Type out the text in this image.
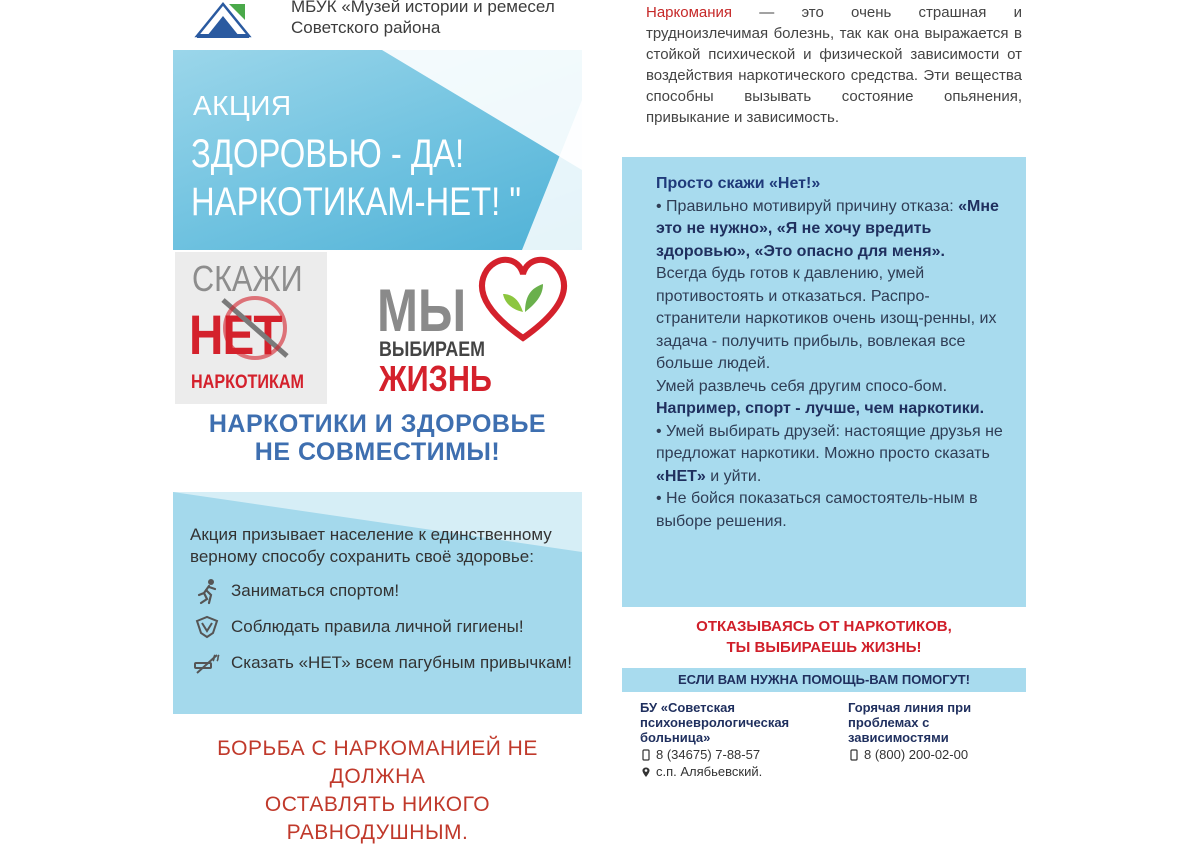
МБУК «Музей истории и ремесел
Советского района
АКЦИЯ
ЗДОРОВЬЮ - ДА!
НАРКОТИКАМ-НЕТ! "
СКАЖИ
НЕТ
НАРКОТИКАМ
МЫ
ВЫБИРАЕМ
ЖИЗНЬ
НАРКОТИКИ И ЗДОРОВЬЕ
НЕ СОВМЕСТИМЫ!
Акция призывает население к единственному
верному способу сохранить своё здоровье:
Заниматься спортом!
Соблюдать правила личной гигиены!
Сказать «НЕТ» всем пагубным привычкам!
БОРЬБА С НАРКОМАНИЕЙ НЕ ДОЛЖНА
ОСТАВЛЯТЬ НИКОГО РАВНОДУШНЫМ.
Наркомания — это очень страшная и трудноизлечимая болезнь, так как она выражается в стойкой психической и физической зависимости от воздействия наркотического средства. Эти вещества способны вызывать состояние опьянения, привыкание и зависимость.
Просто скажи «Нет!»
• Правильно мотивируй причину отказа: «Мне это не нужно», «Я не хочу вредить здоровью», «Это опасно для меня».
Всегда будь готов к давлению, умей противостоять и отказаться. Распро-странители наркотиков очень изощ-ренны, их задача - получить прибыль, вовлекая все больше людей.
Умей развлечь себя другим спосо-бом. Например, спорт - лучше, чем наркотики.
• Умей выбирать друзей: настоящие друзья не предложат наркотики. Можно просто сказать «НЕТ» и уйти.
• Не бойся показаться самостоятель-ным в выборе решения.
ОТКАЗЫВАЯСЬ ОТ НАРКОТИКОВ,
ТЫ ВЫБИРАЕШЬ ЖИЗНЬ!
ЕСЛИ ВАМ НУЖНА ПОМОЩЬ-ВАМ ПОМОГУТ!
БУ «Советская
психоневрологическая
больница»
8 (34675) 7-88-57
с.п. Алябьевский.
Горячая линия при
проблемах с
зависимостями
8 (800) 200-02-00
